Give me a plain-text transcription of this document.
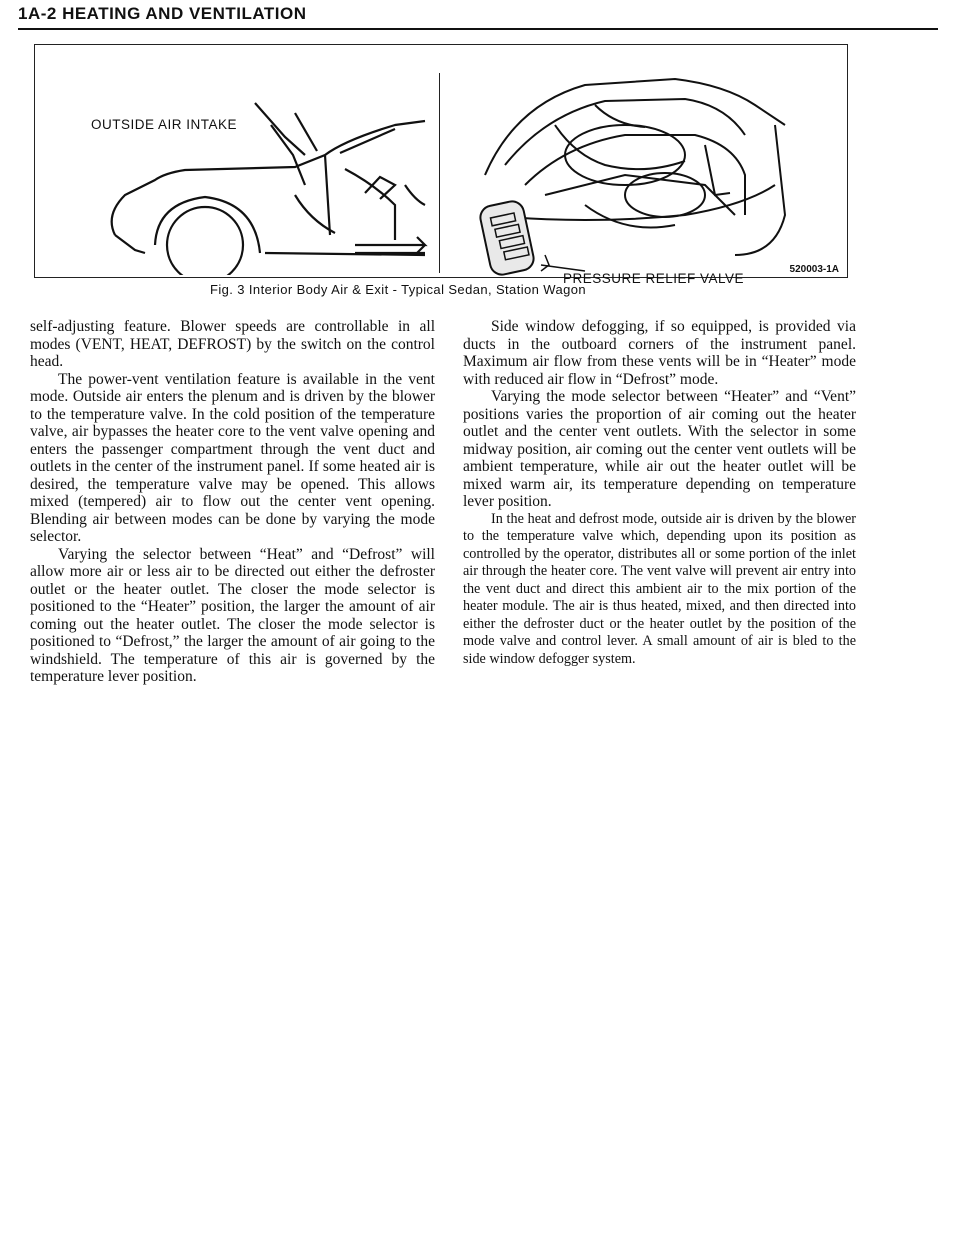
1A-2 HEATING AND VENTILATION
OUTSIDE AIR INTAKE
PRESSURE RELIEF VALVE
520003-1A
Fig. 3 Interior Body Air & Exit - Typical Sedan, Station Wagon

self-adjusting feature. Blower speeds are controllable in all modes (VENT, HEAT, DEFROST) by the switch on the control head.

The power-vent ventilation feature is available in the vent mode. Outside air enters the plenum and is driven by the blower to the temperature valve. In the cold position of the temperature valve, air bypasses the heater core to the vent valve opening and enters the passenger compartment through the vent duct and outlets in the center of the instrument panel. If some heated air is desired, the temperature valve may be opened. This allows mixed (tempered) air to flow out the center vent opening. Blending air between modes can be done by varying the mode selector.

Varying the selector between “Heat” and “Defrost” will allow more air or less air to be directed out either the defroster outlet or the heater outlet. The closer the mode selector is positioned to the “Heater” position, the larger the amount of air coming out the heater outlet. The closer the mode selector is positioned to “Defrost,” the larger the amount of air going to the windshield. The temperature of this air is governed by the temperature lever position.

Side window defogging, if so equipped, is provided via ducts in the outboard corners of the instrument panel. Maximum air flow from these vents will be in “Heater” mode with reduced air flow in “Defrost” mode.

Varying the mode selector between “Heater” and “Vent” positions varies the proportion of air coming out the heater outlet and the center vent outlets. With the selector in some midway position, air coming out the center vent outlets will be ambient temperature, while air out the heater outlet will be mixed warm air, its temperature depending on temperature lever position.

In the heat and defrost mode, outside air is driven by the blower to the temperature valve which, depending upon its position as controlled by the operator, distributes all or some portion of the inlet air through the heater core. The vent valve will prevent air entry into the vent duct and direct this ambient air to the mix portion of the heater module. The air is thus heated, mixed, and then directed into either the defroster duct or the heater outlet by the position of the mode valve and control lever. A small amount of air is bled to the side window defogger system.
